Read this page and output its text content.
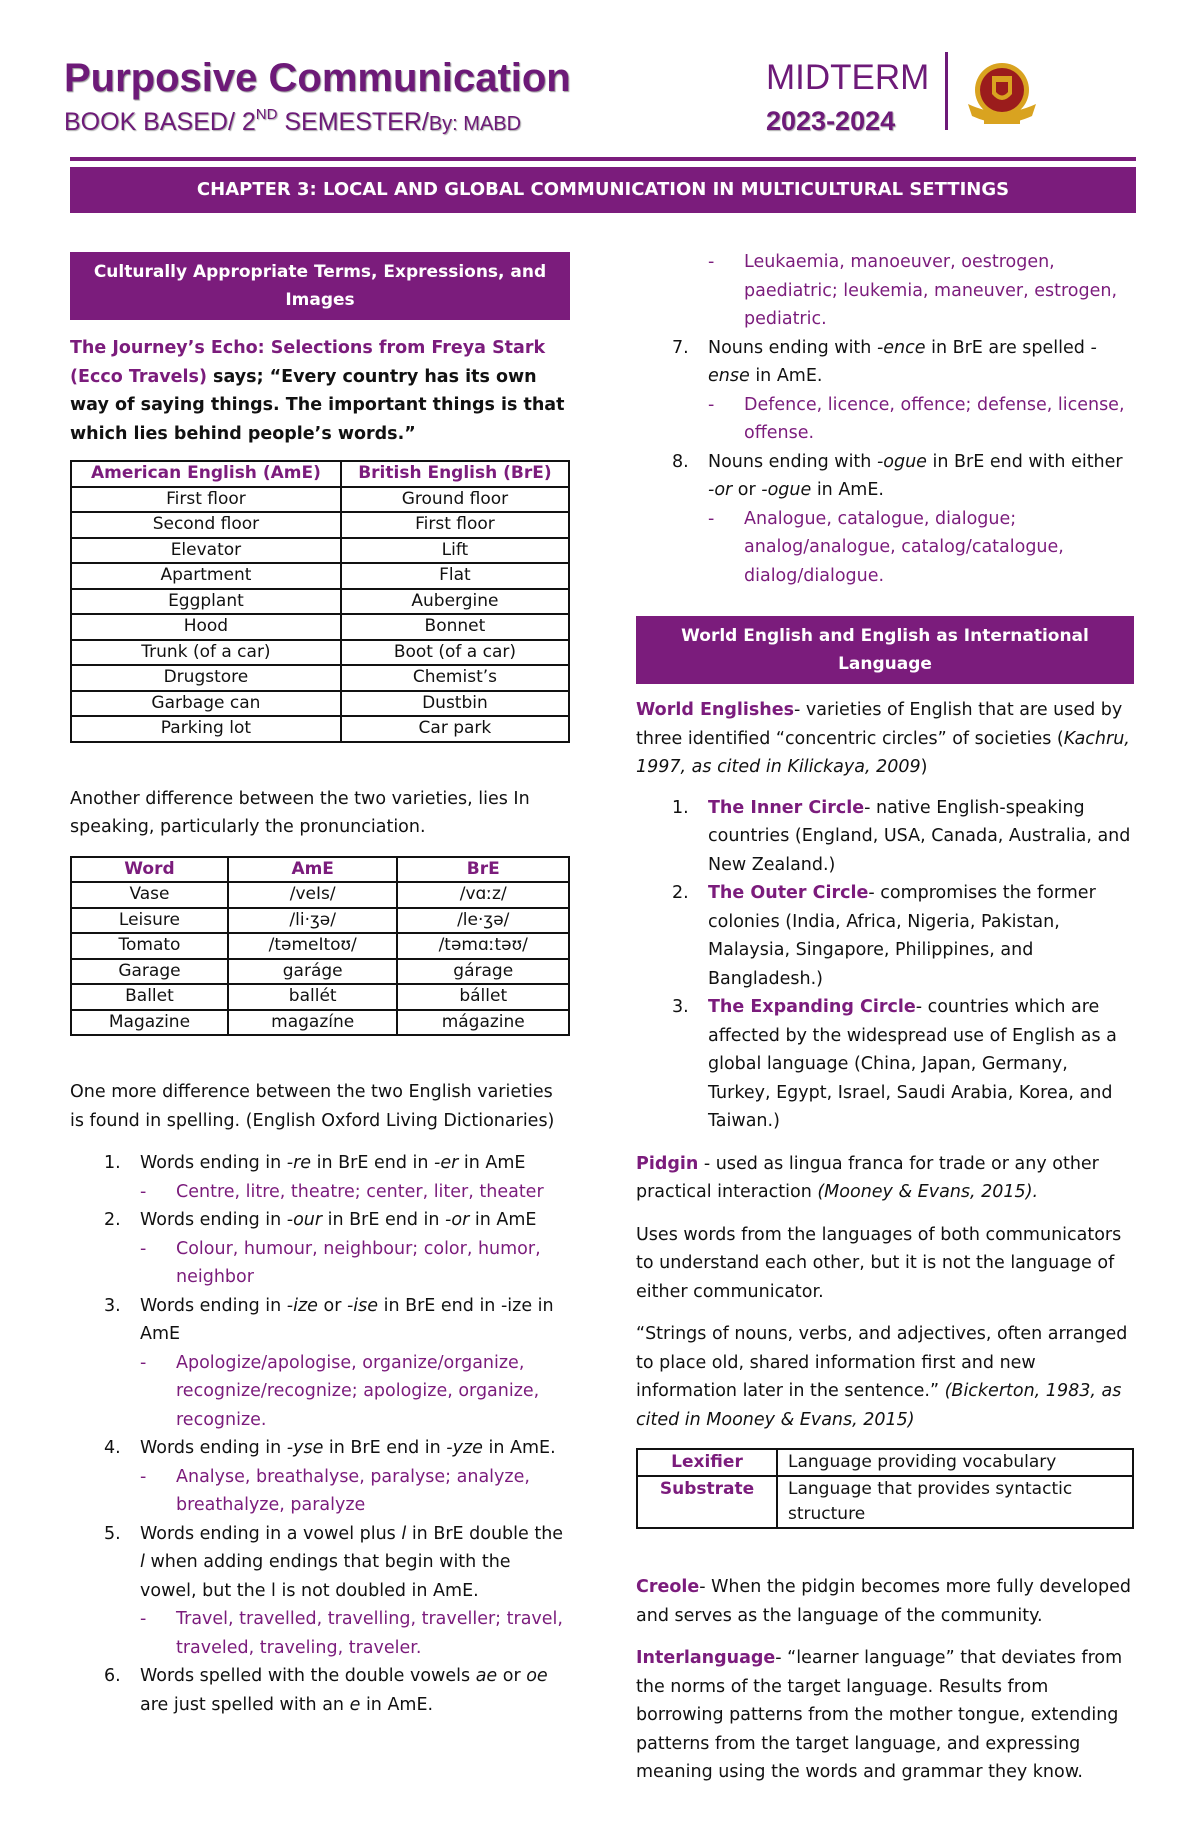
Purposive Communication
BOOK BASED/ 2ND SEMESTER/By: MABD
MIDTERM
2023-2024
CHAPTER 3: LOCAL AND GLOBAL COMMUNICATION IN MULTICULTURAL SETTINGS
Culturally Appropriate Terms, Expressions, and Images
The Journey’s Echo: Selections from Freya Stark (Ecco Travels) says; “Every country has its own way of saying things. The important things is that which lies behind people’s words.”
American English (AmE)	British English (BrE)
First floor	Ground floor
Second floor	First floor
Elevator	Lift
Apartment	Flat
Eggplant	Aubergine
Hood	Bonnet
Trunk (of a car)	Boot (of a car)
Drugstore	Chemist’s
Garbage can	Dustbin
Parking lot	Car park
Another difference between the two varieties, lies In speaking, particularly the pronunciation.
Word	AmE	BrE
Vase	/veIs/	/vɑːz/
Leisure	/li·ʒə/	/le·ʒə/
Tomato	/təmeItoʊ/	/təmɑːtəʊ/
Garage	garáge	gárage
Ballet	ballét	bállet
Magazine	magazíne	mágazine
One more difference between the two English varieties is found in spelling. (English Oxford Living Dictionaries)
1. Words ending in -re in BrE end in -er in AmE
- Centre, litre, theatre; center, liter, theater
2. Words ending in -our in BrE end in -or in AmE
- Colour, humour, neighbour; color, humor, neighbor
3. Words ending in -ize or -ise in BrE end in -ize in AmE
- Apologize/apologise, organize/organize, recognize/recognize; apologize, organize, recognize.
4. Words ending in -yse in BrE end in -yze in AmE.
- Analyse, breathalyse, paralyse; analyze, breathalyze, paralyze
5. Words ending in a vowel plus l in BrE double the l when adding endings that begin with the vowel, but the l is not doubled in AmE.
- Travel, travelled, travelling, traveller; travel, traveled, traveling, traveler.
6. Words spelled with the double vowels ae or oe are just spelled with an e in AmE.
- Leukaemia, manoeuver, oestrogen, paediatric; leukemia, maneuver, estrogen, pediatric.
7. Nouns ending with -ence in BrE are spelled -ense in AmE.
- Defence, licence, offence; defense, license, offense.
8. Nouns ending with -ogue in BrE end with either -or or -ogue in AmE.
- Analogue, catalogue, dialogue; analog/analogue, catalog/catalogue, dialog/dialogue.
World English and English as International Language
World Englishes- varieties of English that are used by three identified “concentric circles” of societies (Kachru, 1997, as cited in Kilickaya, 2009)
1. The Inner Circle- native English-speaking countries (England, USA, Canada, Australia, and New Zealand.)
2. The Outer Circle- compromises the former colonies (India, Africa, Nigeria, Pakistan, Malaysia, Singapore, Philippines, and Bangladesh.)
3. The Expanding Circle- countries which are affected by the widespread use of English as a global language (China, Japan, Germany, Turkey, Egypt, Israel, Saudi Arabia, Korea, and Taiwan.)
Pidgin - used as lingua franca for trade or any other practical interaction (Mooney & Evans, 2015).
Uses words from the languages of both communicators to understand each other, but it is not the language of either communicator.
“Strings of nouns, verbs, and adjectives, often arranged to place old, shared information first and new information later in the sentence.” (Bickerton, 1983, as cited in Mooney & Evans, 2015)
Lexifier	Language providing vocabulary
Substrate	Language that provides syntactic structure
Creole- When the pidgin becomes more fully developed and serves as the language of the community.
Interlanguage- “learner language” that deviates from the norms of the target language. Results from borrowing patterns from the mother tongue, extending patterns from the target language, and expressing meaning using the words and grammar they know.
